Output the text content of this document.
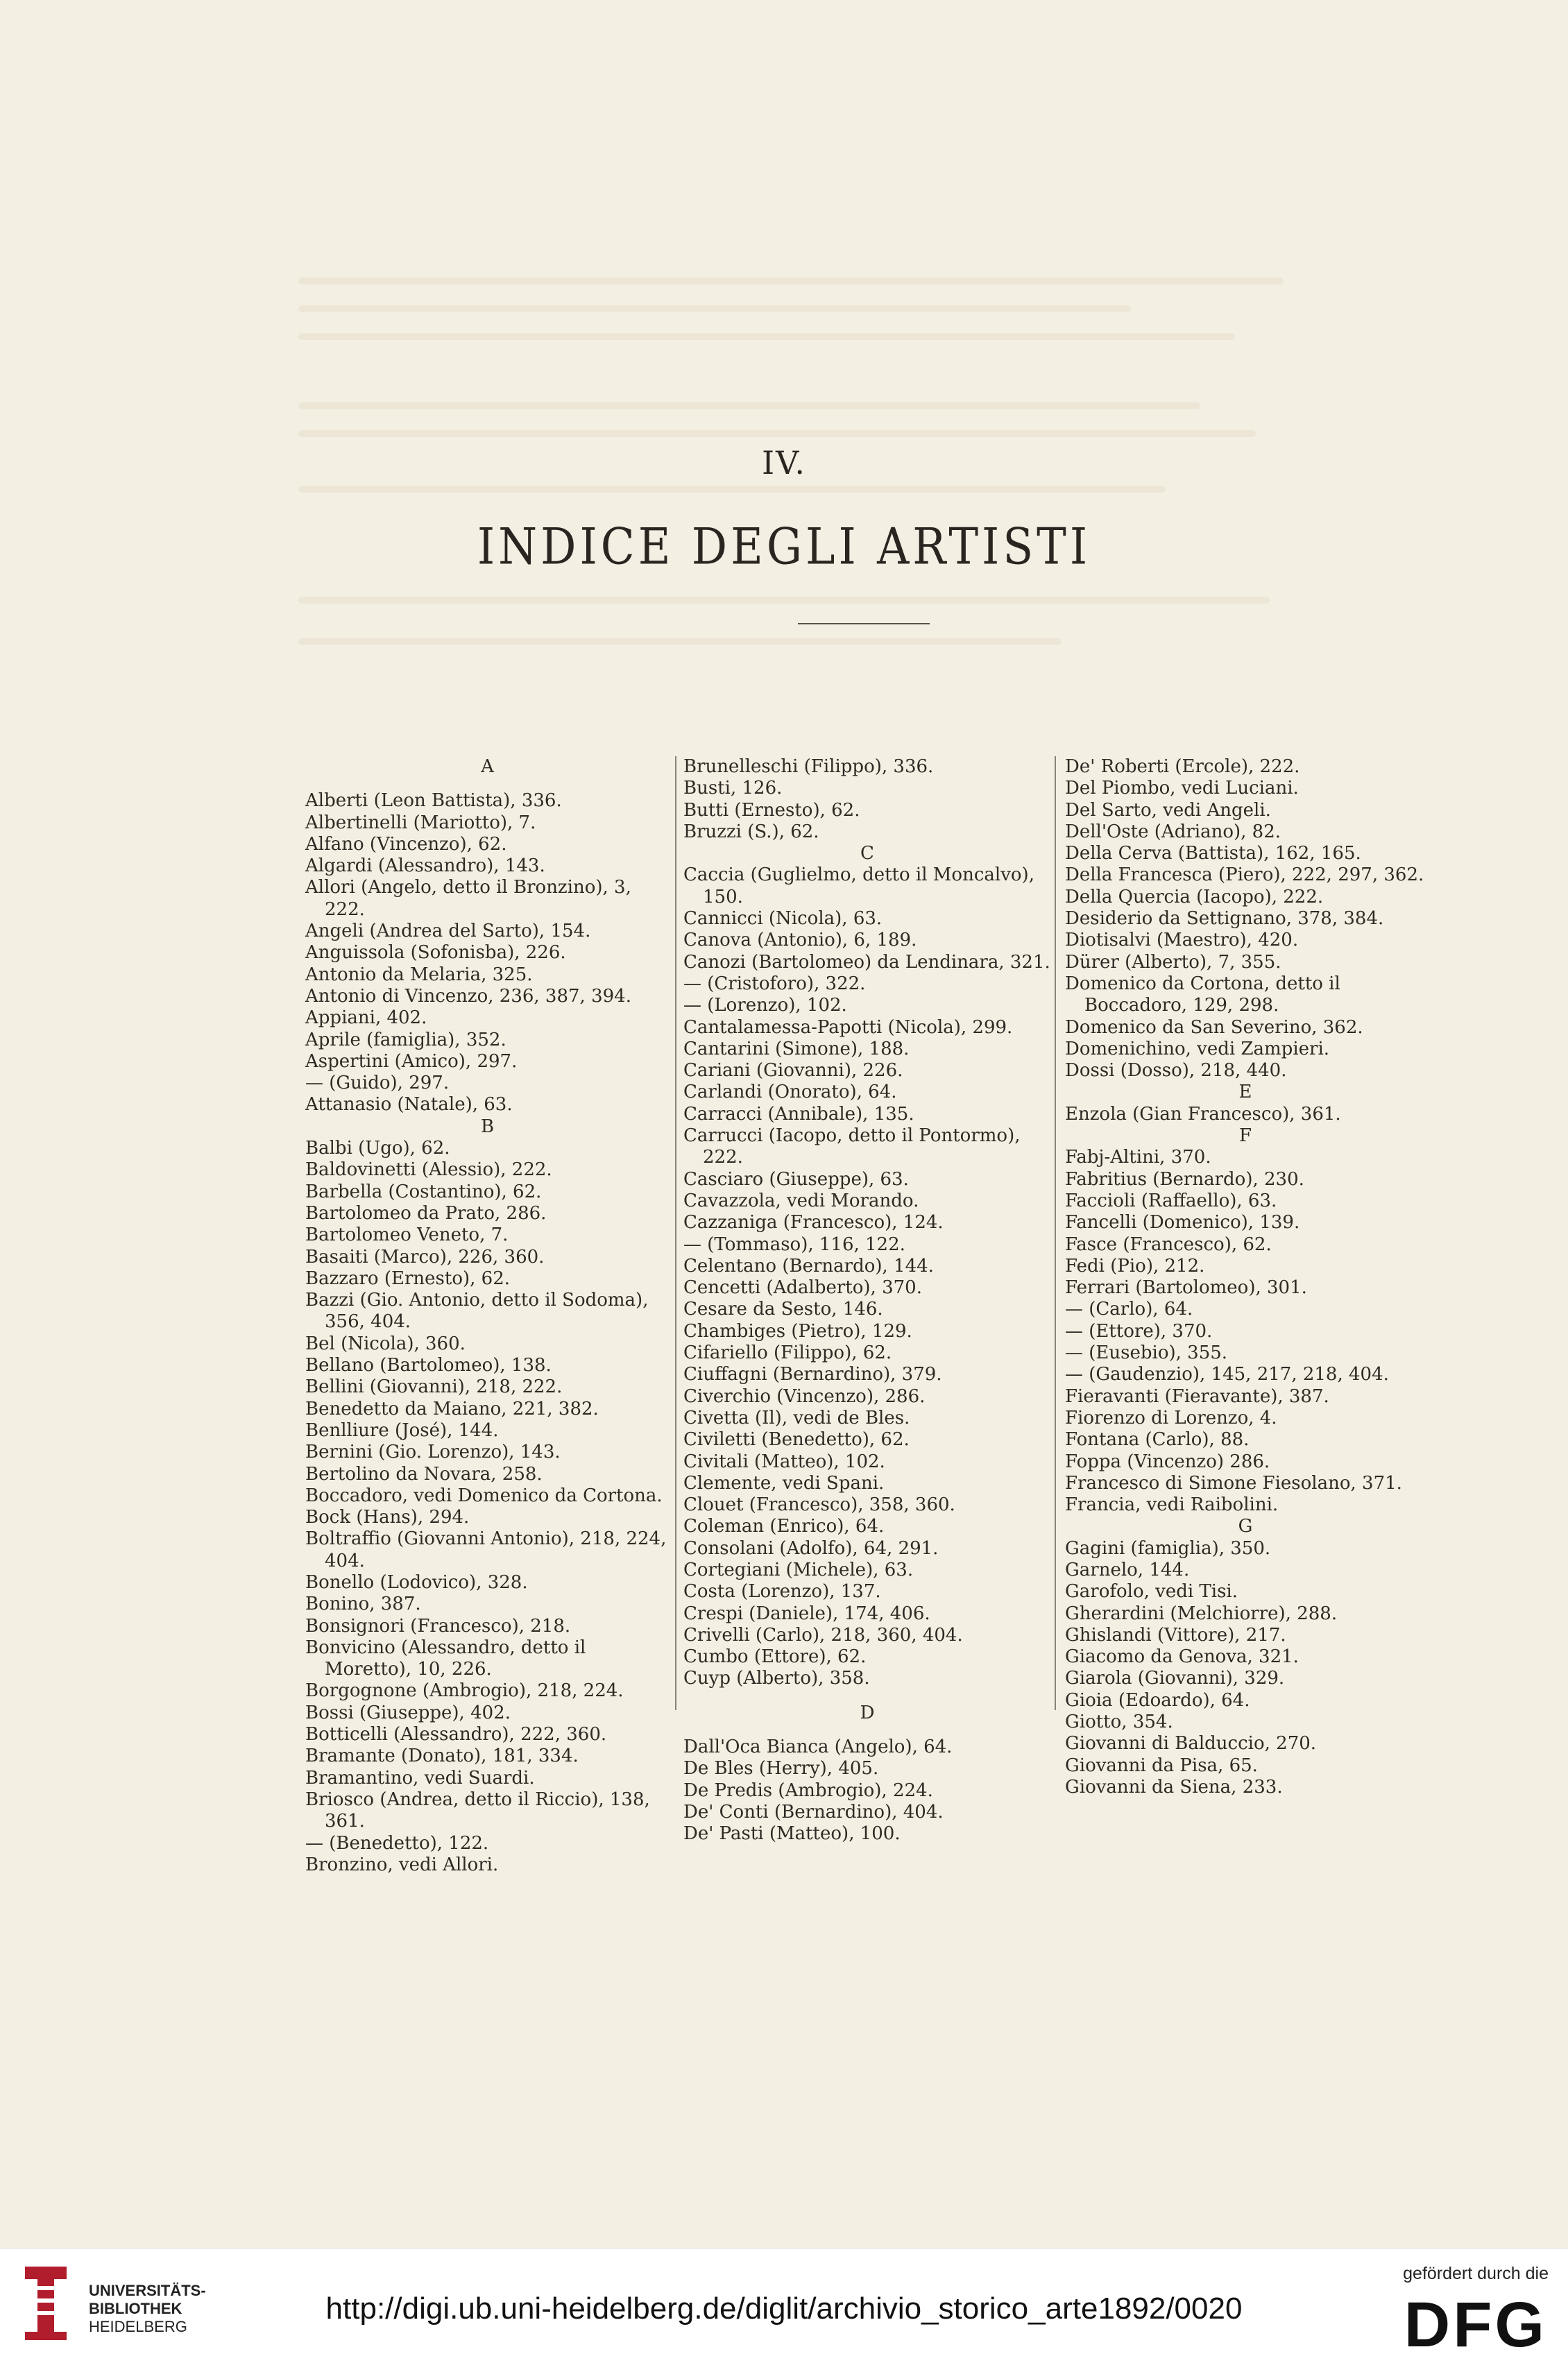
IV.
INDICE DEGLI ARTISTI

A

Alberti (Leon Battista), 336.

Albertinelli (Mariotto), 7.

Alfano (Vincenzo), 62.

Algardi (Alessandro), 143.

Allori (Angelo, detto il Bronzino), 3, 222.

Angeli (Andrea del Sarto), 154.

Anguissola (Sofonisba), 226.

Antonio da Melaria, 325.

Antonio di Vincenzo, 236, 387, 394.

Appiani, 402.

Aprile (famiglia), 352.

Aspertini (Amico), 297.

— (Guido), 297.

Attanasio (Natale), 63.

B

Balbi (Ugo), 62.

Baldovinetti (Alessio), 222.

Barbella (Costantino), 62.

Bartolomeo da Prato, 286.

Bartolomeo Veneto, 7.

Basaiti (Marco), 226, 360.

Bazzaro (Ernesto), 62.

Bazzi (Gio. Antonio, detto il Sodoma), 356, 404.

Bel (Nicola), 360.

Bellano (Bartolomeo), 138.

Bellini (Giovanni), 218, 222.

Benedetto da Maiano, 221, 382.

Benlliure (José), 144.

Bernini (Gio. Lorenzo), 143.

Bertolino da Novara, 258.

Boccadoro, vedi Domenico da Cortona.

Bock (Hans), 294.

Boltraffio (Giovanni Antonio), 218, 224, 404.

Bonello (Lodovico), 328.

Bonino, 387.

Bonsignori (Francesco), 218.

Bonvicino (Alessandro, detto il Moretto), 10, 226.

Borgognone (Ambrogio), 218, 224.

Bossi (Giuseppe), 402.

Botticelli (Alessandro), 222, 360.

Bramante (Donato), 181, 334.

Bramantino, vedi Suardi.

Briosco (Andrea, detto il Riccio), 138, 361.

— (Benedetto), 122.

Bronzino, vedi Allori.

Brunelleschi (Filippo), 336.

Busti, 126.

Butti (Ernesto), 62.

Bruzzi (S.), 62.

C

Caccia (Guglielmo, detto il Moncalvo), 150.

Cannicci (Nicola), 63.

Canova (Antonio), 6, 189.

Canozi (Bartolomeo) da Lendinara, 321.

— (Cristoforo), 322.

— (Lorenzo), 102.

Cantalamessa-Papotti (Nicola), 299.

Cantarini (Simone), 188.

Cariani (Giovanni), 226.

Carlandi (Onorato), 64.

Carracci (Annibale), 135.

Carrucci (Iacopo, detto il Pontormo), 222.

Casciaro (Giuseppe), 63.

Cavazzola, vedi Morando.

Cazzaniga (Francesco), 124.

— (Tommaso), 116, 122.

Celentano (Bernardo), 144.

Cencetti (Adalberto), 370.

Cesare da Sesto, 146.

Chambiges (Pietro), 129.

Cifariello (Filippo), 62.

Ciuffagni (Bernardino), 379.

Civerchio (Vincenzo), 286.

Civetta (Il), vedi de Bles.

Civiletti (Benedetto), 62.

Civitali (Matteo), 102.

Clemente, vedi Spani.

Clouet (Francesco), 358, 360.

Coleman (Enrico), 64.

Consolani (Adolfo), 64, 291.

Cortegiani (Michele), 63.

Costa (Lorenzo), 137.

Crespi (Daniele), 174, 406.

Crivelli (Carlo), 218, 360, 404.

Cumbo (Ettore), 62.

Cuyp (Alberto), 358.

D

Dall'Oca Bianca (Angelo), 64.

De Bles (Herry), 405.

De Predis (Ambrogio), 224.

De' Conti (Bernardino), 404.

De' Pasti (Matteo), 100.

De' Roberti (Ercole), 222.

Del Piombo, vedi Luciani.

Del Sarto, vedi Angeli.

Dell'Oste (Adriano), 82.

Della Cerva (Battista), 162, 165.

Della Francesca (Piero), 222, 297, 362.

Della Quercia (Iacopo), 222.

Desiderio da Settignano, 378, 384.

Diotisalvi (Maestro), 420.

Dürer (Alberto), 7, 355.

Domenico da Cortona, detto il Boccadoro, 129, 298.

Domenico da San Severino, 362.

Domenichino, vedi Zampieri.

Dossi (Dosso), 218, 440.

E

Enzola (Gian Francesco), 361.

F

Fabj-Altini, 370.

Fabritius (Bernardo), 230.

Faccioli (Raffaello), 63.

Fancelli (Domenico), 139.

Fasce (Francesco), 62.

Fedi (Pio), 212.

Ferrari (Bartolomeo), 301.

— (Carlo), 64.

— (Ettore), 370.

— (Eusebio), 355.

— (Gaudenzio), 145, 217, 218, 404.

Fieravanti (Fieravante), 387.

Fiorenzo di Lorenzo, 4.

Fontana (Carlo), 88.

Foppa (Vincenzo) 286.

Francesco di Simone Fiesolano, 371.

Francia, vedi Raibolini.

G

Gagini (famiglia), 350.

Garnelo, 144.

Garofolo, vedi Tisi.

Gherardini (Melchiorre), 288.

Ghislandi (Vittore), 217.

Giacomo da Genova, 321.

Giarola (Giovanni), 329.

Gioia (Edoardo), 64.

Giotto, 354.

Giovanni di Balduccio, 270.

Giovanni da Pisa, 65.

Giovanni da Siena, 233.

UNIVERSITÄTS-
BIBLIOTHEK
HEIDELBERG
http://digi.ub.uni-heidelberg.de/diglit/archivio_storico_arte1892/0020
gefördert durch die
DFG
